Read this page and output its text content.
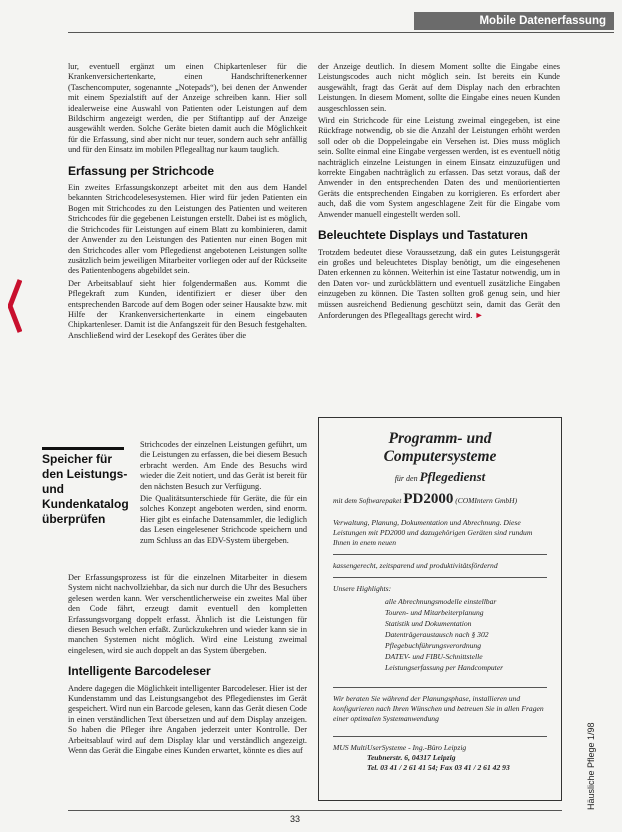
Mobile Datenerfassung

lur, eventuell ergänzt um einen Chipkartenleser für die Krankenversichertenkarte, einen Handschriftenerkenner (Taschencomputer, sogenannte „Notepads“), bei denen der Anwender mit einem Spezialstift auf der Anzeige schreiben kann. Hier soll idealerweise eine Auswahl von Patienten oder Leistungen auf dem Bildschirm angezeigt werden, die per Stiftantipp auf der Anzeige ausgewählt werden. Solche Geräte bieten damit auch die Möglichkeit für die Erfassung, sind aber nicht nur teuer, sondern auch sehr anfällig und für den Einsatz im mobilen Pflegealltag nur kaum tauglich.

Erfassung per Strichcode

Ein zweites Erfassungskonzept arbeitet mit den aus dem Handel bekannten Strichcodelesesystemen. Hier wird für jeden Patienten ein Bogen mit Strichcodes zu den Leistungen des Patienten und weiteren Strichcodes für die gegebenen Leistungen erstellt. Dabei ist es möglich, die Strichcodes für Leistungen auf einem Blatt zu kombinieren, damit der Anwender zu den Leistungen des Patienten nur einen Bogen mit den Strichcodes aller vom Pflegedienst angebotenen Leistungen sollte zusätzlich beim jeweiligen Mitarbeiter vorliegen oder auf der Rückseite des Patientenbogens abgebildet sein.

Der Arbeitsablauf sieht hier folgendermaßen aus. Kommt die Pflegekraft zum Kunden, identifiziert er dieser über den entsprechenden Barcode auf dem Bogen oder seiner Hausakte bzw. mit Hilfe der Krankenversichertenkarte in einem eingebauten Chipkartenleser. Damit ist die Anfangszeit für den Besuch festgehalten. Anschließend wird der Lesekopf des Gerätes über die

Speicher für den Leistungs- und Kundenkatalog überprüfen

Strichcodes der einzelnen Leistungen geführt, um die Leistungen zu erfassen, die bei diesem Besuch erbracht werden. Am Ende des Besuchs wird wieder die Zeit notiert, und das Gerät ist bereit für den nächsten Besuch zur Verfügung.

Die Qualitätsunterschiede für Geräte, die für ein solches Konzept angeboten werden, sind enorm. Hier gibt es einfache Datensammler, die lediglich das Lesen eingelesener Strichcode speichern und zum Schluss an das EDV-System übergeben.

Der Erfassungsprozess ist für die einzelnen Mitarbeiter in diesem System nicht nachvollziehbar, da sich nur durch die Uhr des Besuchers gelesen werden kann. Wer verschentlicherweise ein zweites Mal über den Code fährt, erzeugt damit eventuell den kompletten Erfassungsvorgang doppelt erfasst. Ähnlich ist die Leistungen für diesen Besuch welchen erfaßt. Zurückzukehren und wieder kann sie in manchen Systemen nicht möglich. Wird eine Leistung zweimal eingelesen, wird sie auch doppelt an das System übergeben.

Intelligente Barcodeleser

Andere dagegen die Möglichkeit intelligenter Barcodeleser. Hier ist der Kundenstamm und das Leistungsangebot des Pflegedienstes im Gerät gespeichert. Wird nun ein Barcode gelesen, kann das Gerät diesen Code in einen verständlichen Text übersetzen und auf dem Display anzeigen. So haben die Pfleger ihre Angaben jederzeit unter Kontrolle. Der Arbeitsablauf wird auf dem Display klar und verständlich angezeigt. Wenn das Gerät die Eingabe eines Kunden erwartet, könnte es dies auf

der Anzeige deutlich. In diesem Moment sollte die Eingabe eines Leistungscodes auch nicht möglich sein. Ist bereits ein Kunde ausgewählt, fragt das Gerät auf dem Display nach den erbrachten Leistungen. In diesem Moment, sollte die Eingabe eines neuen Kunden ausgeschlossen sein.

Wird ein Strichcode für eine Leistung zweimal eingegeben, ist eine Rückfrage notwendig, ob sie die Anzahl der Leistungen erhöht werden soll oder ob die Doppeleingabe ein Versehen ist. Dies muss möglich sein. Sollte einmal eine Eingabe vergessen werden, ist es eventuell nötig nachträglich einzelne Leistungen in einem Einsatz einzuzufügen und korrekte Eingaben nachträglich zu erfassen. Das setzt voraus, daß der Anwender in den entsprechenden Daten des und menüorientierten Geräts die entsprechenden Eingaben zu korrigieren. Es erfordert aber auch, daß die vom System angeschlagene Zeit für die Eingabe vom Anwender manuell eingestellt werden soll.

Beleuchtete Displays und Tastaturen

Trotzdem bedeutet diese Voraussetzung, daß ein gutes Leistungsgerät ein großes und beleuchtetes Display benötigt, um die eingesehenen Daten erkennen zu können. Weiterhin ist eine Tastatur notwendig, um in den Daten vor- und zurückblättern und eventuell zusätzliche Eingaben einzugeben zu können. Die Tasten sollten groß genug sein, und hier müssen ausreichend Bedienung geschützt sein, damit das Gerät den Anforderungen des Pflegealltags gerecht wird. ►

Programm- und Computersysteme
für den Pflegedienst
mit dem Softwarepaket PD2000 (COMIntern GmbH)
Verwaltung, Planung, Dokumentation und Abrechnung. Diese Leistungen mit PD2000 und dazugehörigen Geräten sind rundum Ihnen in enem neuen
kassengerecht, zeitsparend und produktivitätsfördernd
Unsere Highlights:
alle Abrechnungsmodelle einstellbar
Touren- und Mitarbeiterplanung
Statistik und Dokumentation
Datenträgeraustausch nach § 302
Pflegebuchführungsverordnung
DATEV- und FIBU-Schnittstelle
Leistungserfassung per Handcomputer
Wir beraten Sie während der Planungsphase, installieren und konfigurieren nach Ihren Wünschen und betreuen Sie in allen Fragen einer optimalen Systemanwendung
MUS MultiUserSysteme - Ing.-Büro Leipzig
Teubnerstr. 6, 04317 Leipzig
Tel. 03 41 / 2 61 41 54; Fax 03 41 / 2 61 42 93	Häusliche Pflege 1/98
33
